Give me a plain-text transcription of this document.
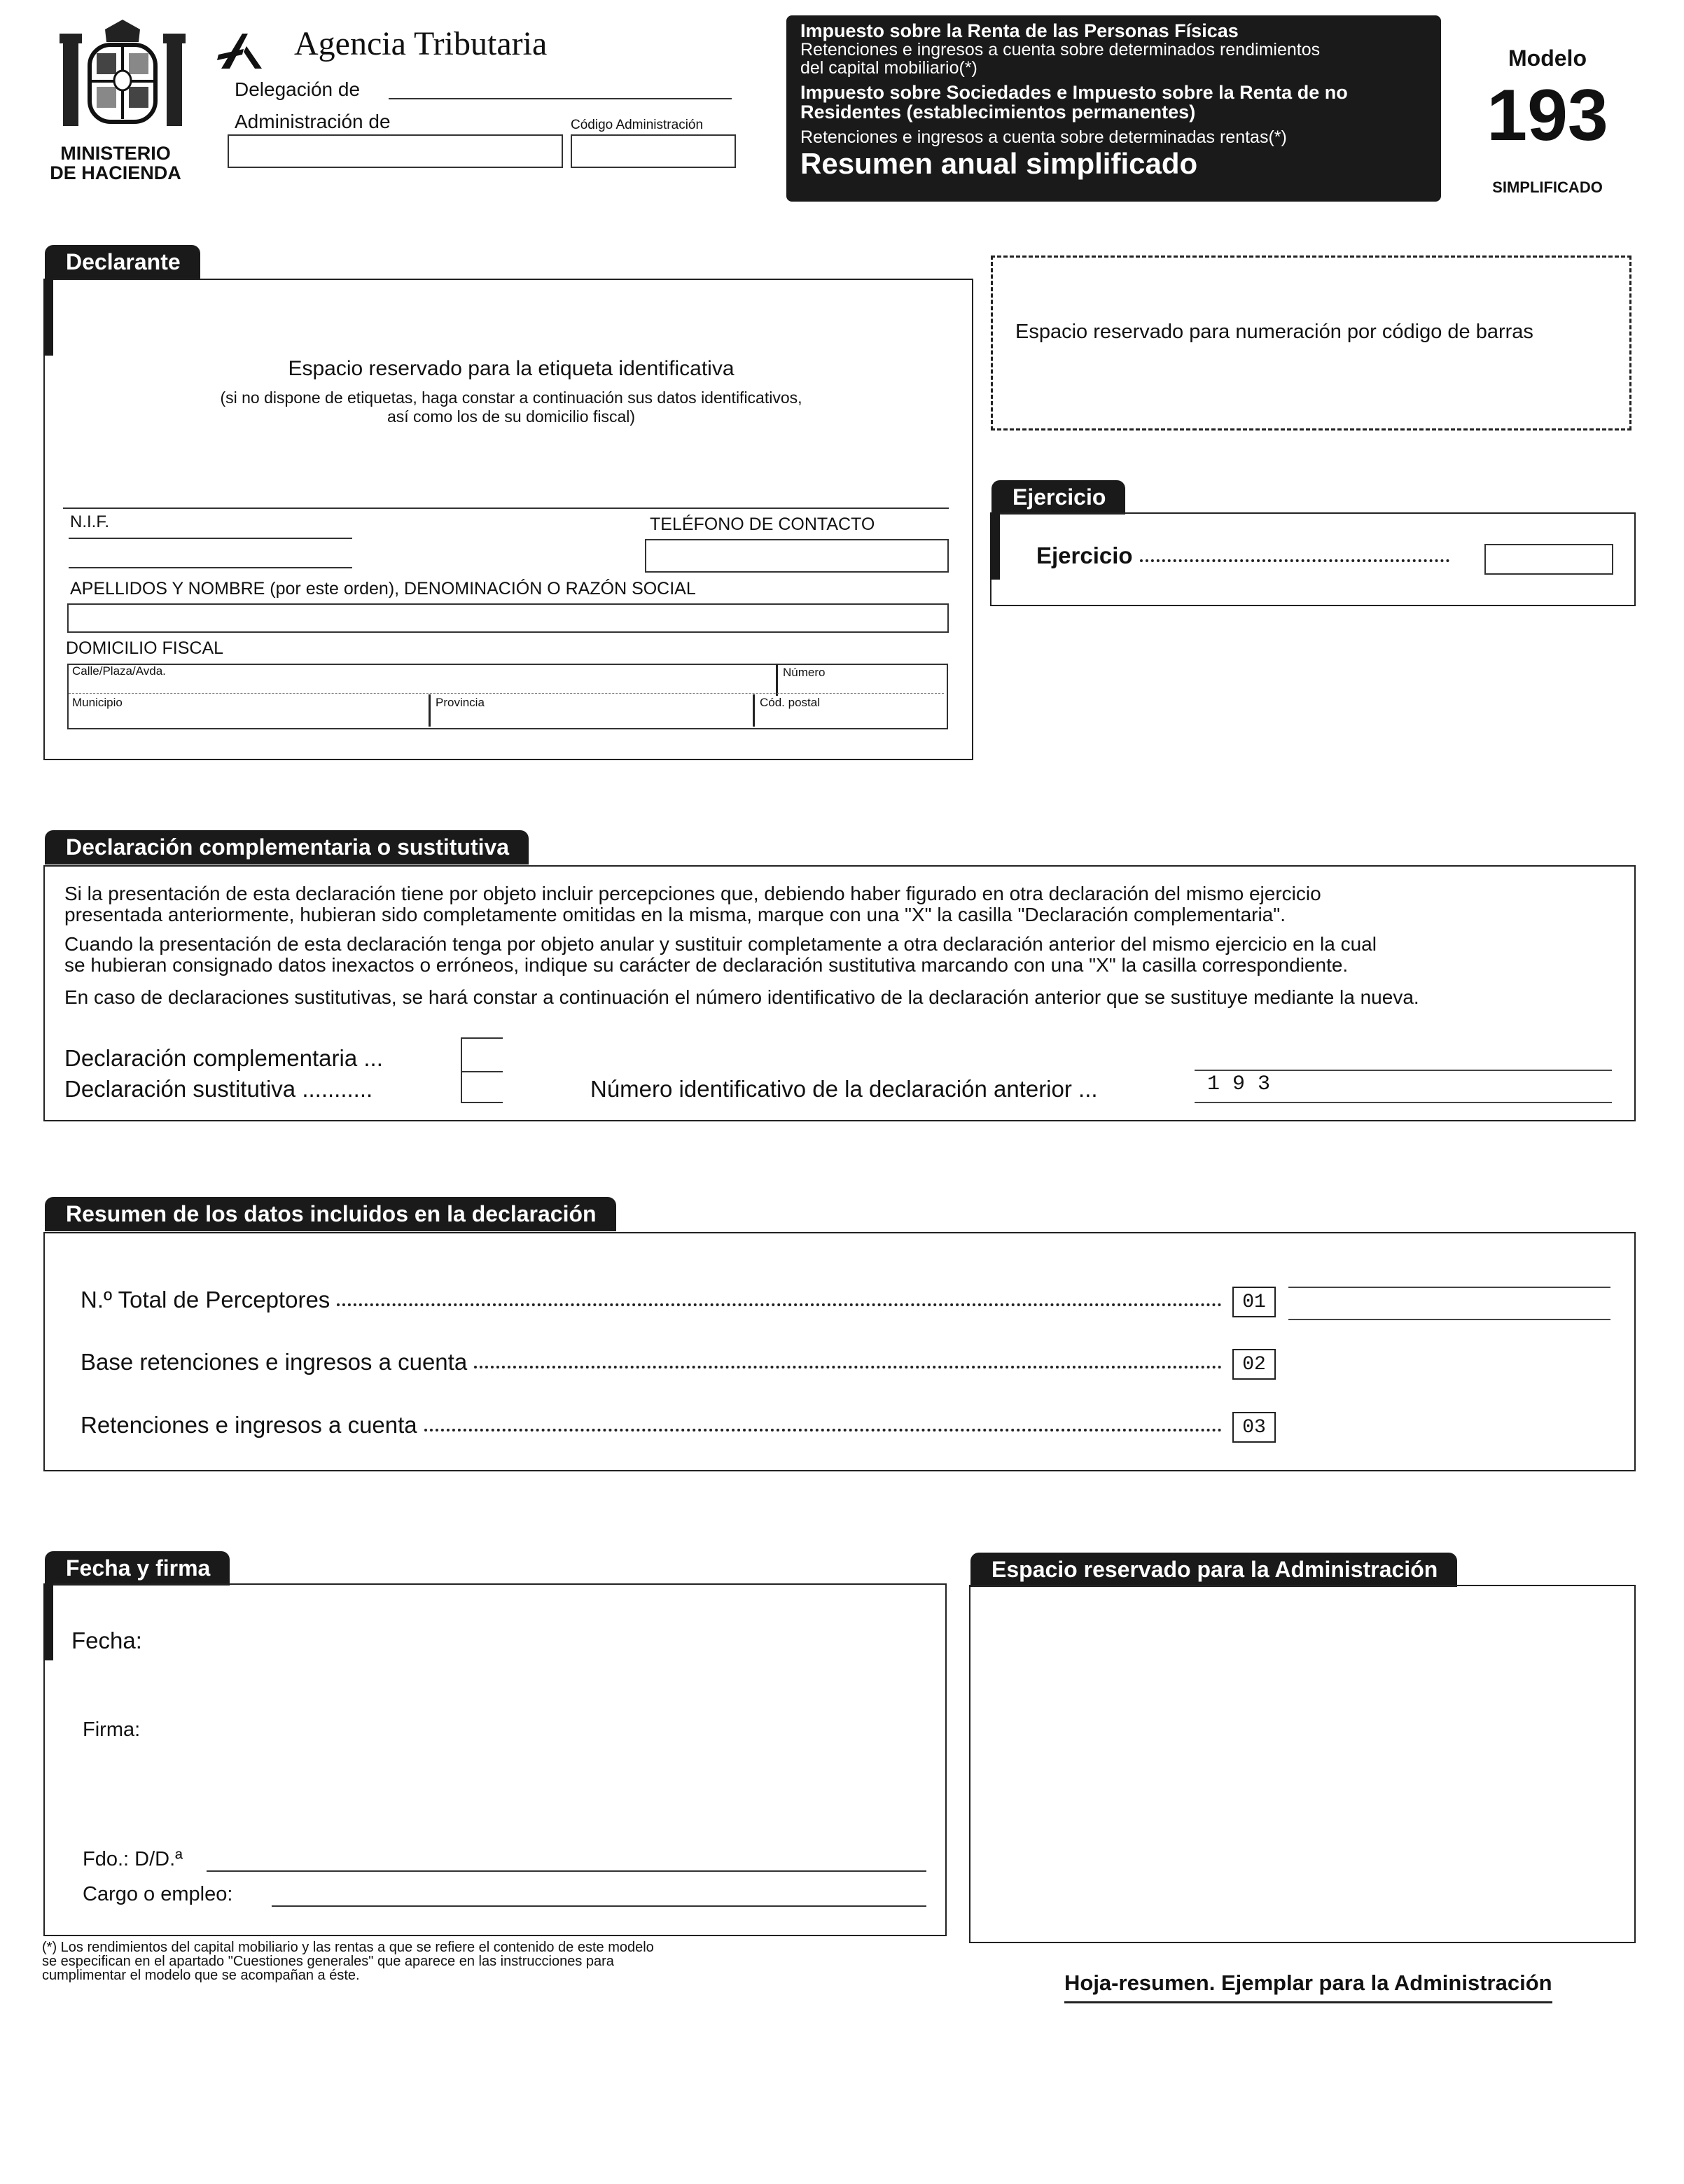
MINISTERIO
DE HACIENDA
Agencia Tributaria
Delegación de
Administración de	Código Administración
Impuesto sobre la Renta de las Personas Físicas
Retenciones e ingresos a cuenta sobre determinados rendimientos
del capital mobiliario(*)
Impuesto sobre Sociedades e Impuesto sobre la Renta de no
Residentes (establecimientos permanentes)
Retenciones e ingresos a cuenta sobre determinadas rentas(*)
Resumen anual simplificado
Modelo
193
SIMPLIFICADO
Declarante
Espacio reservado para la etiqueta identificativa
(si no dispone de etiquetas, haga constar a continuación sus datos identificativos,
así como los de su domicilio fiscal)
N.I.F.	TELÉFONO DE CONTACTO
APELLIDOS Y NOMBRE (por este orden), DENOMINACIÓN O RAZÓN SOCIAL
DOMICILIO FISCAL
Calle/Plaza/Avda.	Número
Municipio	Provincia	Cód. postal
Espacio reservado para numeración por código de barras
Ejercicio
Ejercicio
Declaración complementaria o sustitutiva
Si la presentación de esta declaración tiene por objeto incluir percepciones que, debiendo haber figurado en otra declaración del mismo ejercicio
presentada anteriormente, hubieran sido completamente omitidas en la misma, marque con una "X" la casilla "Declaración complementaria".
Cuando la presentación de esta declaración tenga por objeto anular y sustituir completamente a otra declaración anterior del mismo ejercicio en la cual
se hubieran consignado datos inexactos o erróneos, indique su carácter de declaración sustitutiva marcando con una "X" la casilla correspondiente.
En caso de declaraciones sustitutivas, se hará constar a continuación el número identificativo de la declaración anterior que se sustituye mediante la nueva.
Declaración complementaria ...
Declaración sustitutiva ...........	Número identificativo de la declaración anterior ...	1 9 3
Resumen de los datos incluidos en la declaración
N.º Total de Perceptores	01
Base retenciones e ingresos a cuenta	02
Retenciones e ingresos a cuenta	03
Fecha y firma
Fecha:
Firma:
Fdo.: D/D.ª
Cargo o empleo:
Espacio reservado para la Administración
(*) Los rendimientos del capital mobiliario y las rentas a que se refiere el contenido de este modelo
se especifican en el apartado "Cuestiones generales" que aparece en las instrucciones para
cumplimentar el modelo que se acompañan a éste.	Hoja-resumen. Ejemplar para la Administración
